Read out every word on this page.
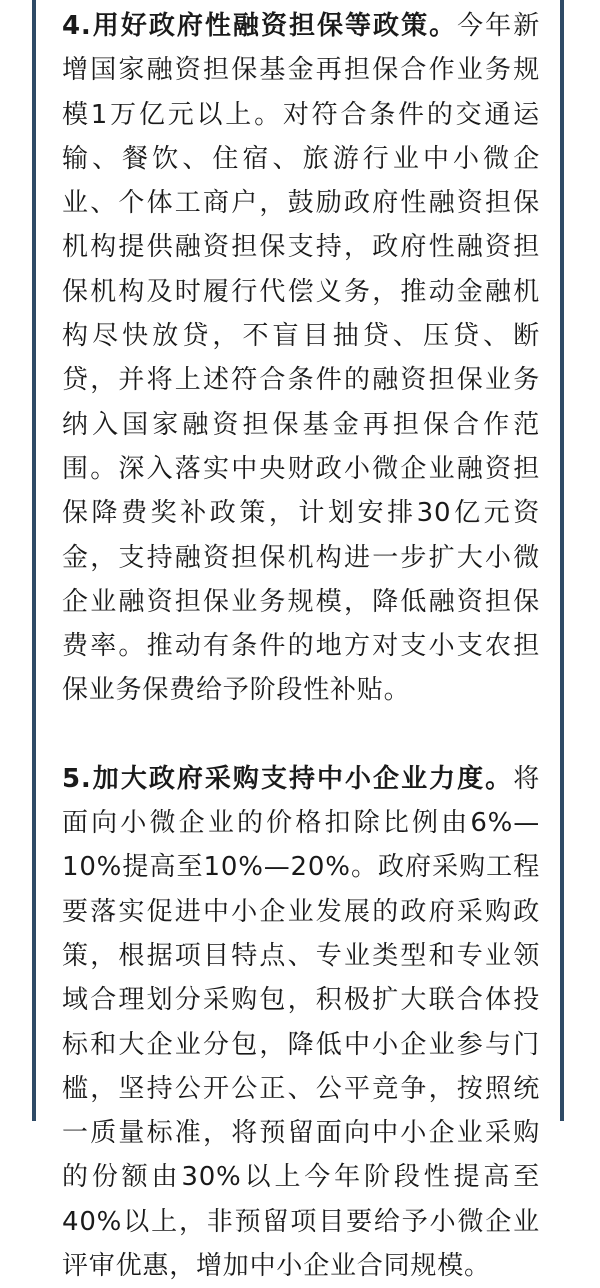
4.用好政府性融资担保等政策。今年新增国家融资担保基金再担保合作业务规模1万亿元以上。对符合条件的交通运输、餐饮、住宿、旅游行业中小微企业、个体工商户，鼓励政府性融资担保机构提供融资担保支持，政府性融资担保机构及时履行代偿义务，推动金融机构尽快放贷，不盲目抽贷、压贷、断贷，并将上述符合条件的融资担保业务纳入国家融资担保基金再担保合作范围。深入落实中央财政小微企业融资担保降费奖补政策，计划安排30亿元资金，支持融资担保机构进一步扩大小微企业融资担保业务规模，降低融资担保费率。推动有条件的地方对支小支农担保业务保费给予阶段性补贴。

5.加大政府采购支持中小企业力度。将面向小微企业的价格扣除比例由6%—10%提高至10%—20%。政府采购工程要落实促进中小企业发展的政府采购政策，根据项目特点、专业类型和专业领域合理划分采购包，积极扩大联合体投标和大企业分包，降低中小企业参与门槛，坚持公开公正、公平竞争，按照统一质量标准，将预留面向中小企业采购的份额由30%以上今年阶段性提高至40%以上，非预留项目要给予小微企业评审优惠，增加中小企业合同规模。
